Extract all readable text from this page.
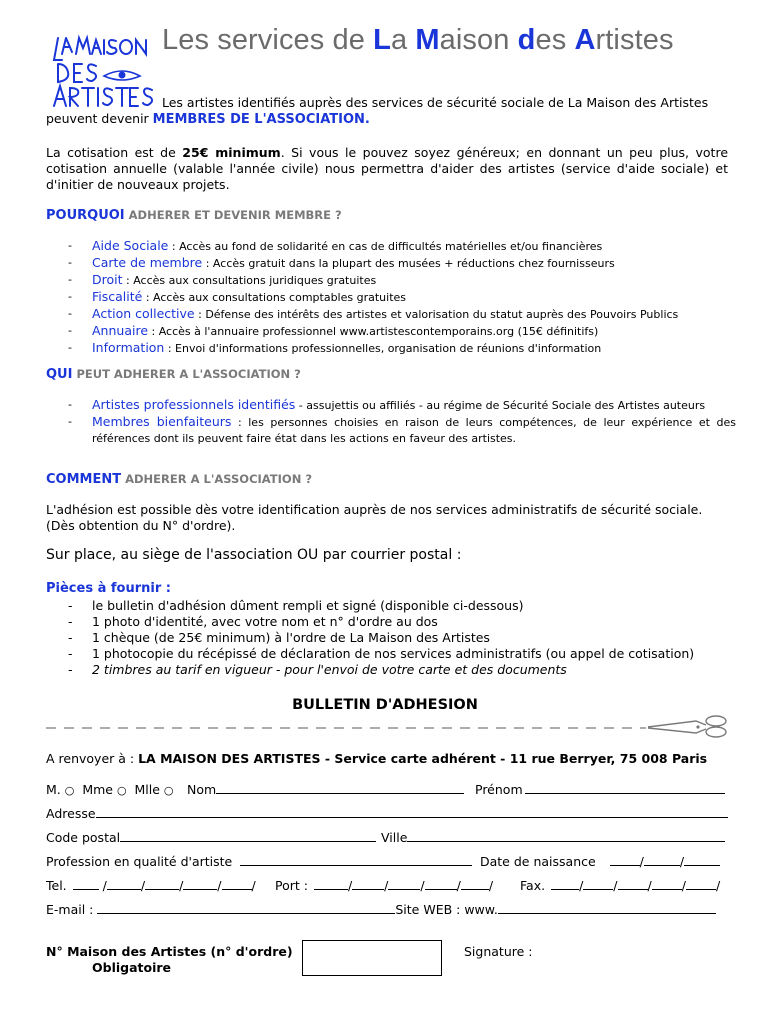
Les services de La Maison des Artistes
Les artistes identifiés auprès des services de sécurité sociale de La Maison des Artistes
peuvent devenir MEMBRES DE L'ASSOCIATION.
La cotisation est de 25€ minimum. Si vous le pouvez soyez généreux; en donnant un peu plus, votre cotisation annuelle (valable l'année civile) nous permettra d'aider des artistes (service d'aide sociale) et d'initier de nouveaux projets.
POURQUOI ADHERER ET DEVENIR MEMBRE ?
- Aide Sociale : Accès au fond de solidarité en cas de difficultés matérielles et/ou financières
- Carte de membre : Accès gratuit dans la plupart des musées + réductions chez fournisseurs
- Droit : Accès aux consultations juridiques gratuites
- Fiscalité : Accès aux consultations comptables gratuites
- Action collective : Défense des intérêts des artistes et valorisation du statut auprès des Pouvoirs Publics
- Annuaire : Accès à l'annuaire professionnel www.artistescontemporains.org (15€ définitifs)
- Information : Envoi d'informations professionnelles, organisation de réunions d'information
QUI PEUT ADHERER A L'ASSOCIATION ?
- Artistes professionnels identifiés - assujettis ou affiliés - au régime de Sécurité Sociale des Artistes auteurs
- Membres bienfaiteurs : les personnes choisies en raison de leurs compétences, de leur expérience et des références dont ils peuvent faire état dans les actions en faveur des artistes.
COMMENT ADHERER A L'ASSOCIATION ?
L'adhésion est possible dès votre identification auprès de nos services administratifs de sécurité sociale.
(Dès obtention du N° d'ordre).
Sur place, au siège de l'association OU par courrier postal :
Pièces à fournir :
- le bulletin d'adhésion dûment rempli et signé (disponible ci-dessous)
- 1 photo d'identité, avec votre nom et n° d'ordre au dos
- 1 chèque (de 25€ minimum) à l'ordre de La Maison des Artistes
- 1 photocopie du récépissé de déclaration de nos services administratifs (ou appel de cotisation)
- 2 timbres au tarif en vigueur - pour l'envoi de votre carte et des documents
BULLETIN D'ADHESION
A renvoyer à : LA MAISON DES ARTISTES - Service carte adhérent - 11 rue Berryer, 75 008 Paris
M. ○ Mme ○ Mlle ○ Nom	Prénom
Adresse
Code postal	Ville
Profession en qualité d'artiste	Date de naissance	/	/
Tel.	/	/	/	/ / Port :	/	/	/	/ / Fax.	/ / / / /
E-mail :	Site WEB : www.
N° Maison des Artistes (n° d'ordre)
Obligatoire
Signature :
